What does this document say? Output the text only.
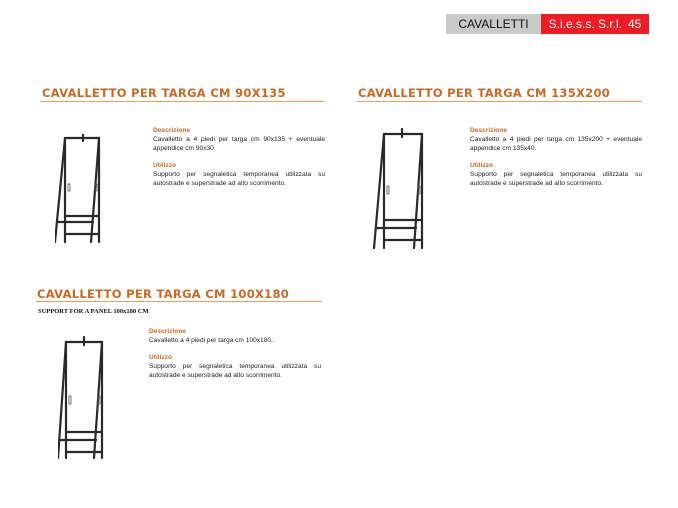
CAVALLETTI	S.i.e.s.s. S.r.l. 45
CAVALLETTO PER TARGA CM 90X135
Descrizione
Cavalletto a 4 piedi per targa cm 90x135 + eventuale appendice cm 90x30.
Utilizzo
Supporto per segnaletica temporanea utilizzata su autostrade e superstrade ad alto scorrimento.
CAVALLETTO PER TARGA CM 135X200
Descrizione
Cavalletto a 4 piedi per targa cm 135x200 + eventuale appendice cm 135x40.
Utilizzo
Supporto per segnaletica temporanea utilizzata su autostrade e superstrade ad alto scorrimento.
CAVALLETTO PER TARGA CM 100X180
SUPPORT FOR A PANEL 100x180 CM
Descrizione
Cavalletto a 4 piedi per targa cm 100x180..
Utilizzo
Supporto per segnaletica temporanea utilizzata su autostrade e superstrade ad alto scorrimento.
